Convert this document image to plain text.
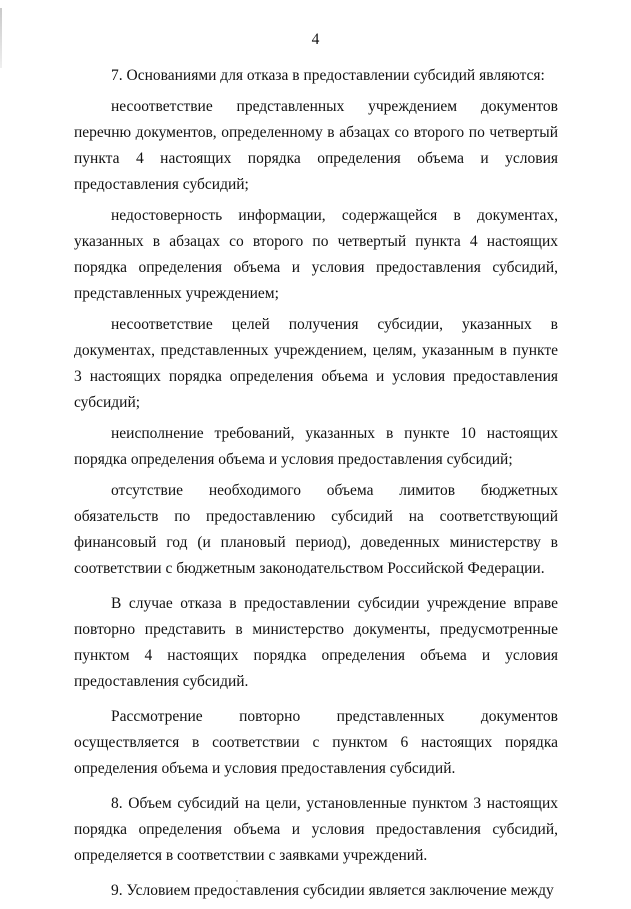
4

7. Основаниями для отказа в предоставлении субсидий являются:

несоответствие представленных учреждением документов перечню документов, определенному в абзацах со второго по четвертый пункта 4 настоящих порядка определения объема и условия предоставления субсидий;

недостоверность информации, содержащейся в документах, указанных в абзацах со второго по четвертый пункта 4 настоящих порядка определения объема и условия предоставления субсидий, представленных учреждением;

несоответствие целей получения субсидии, указанных в документах, представленных учреждением, целям, указанным в пункте 3 настоящих порядка определения объема и условия предоставления субсидий;

неисполнение требований, указанных в пункте 10 настоящих порядка определения объема и условия предоставления субсидий;

отсутствие необходимого объема лимитов бюджетных обязательств по предоставлению субсидий на соответствующий финансовый год (и плановый период), доведенных министерству в соответствии с бюджетным законодательством Российской Федерации.

В случае отказа в предоставлении субсидии учреждение вправе повторно представить в министерство документы, предусмотренные пунктом 4 настоящих порядка определения объема и условия предоставления субсидий.

Рассмотрение повторно представленных документов осуществляется в соответствии с пунктом 6 настоящих порядка определения объема и условия предоставления субсидий.

8. Объем субсидий на цели, установленные пунктом 3 настоящих порядка определения объема и условия предоставления субсидий, определяется в соответствии с заявками учреждений.

9. Условием предоставления субсидии является заключение между
